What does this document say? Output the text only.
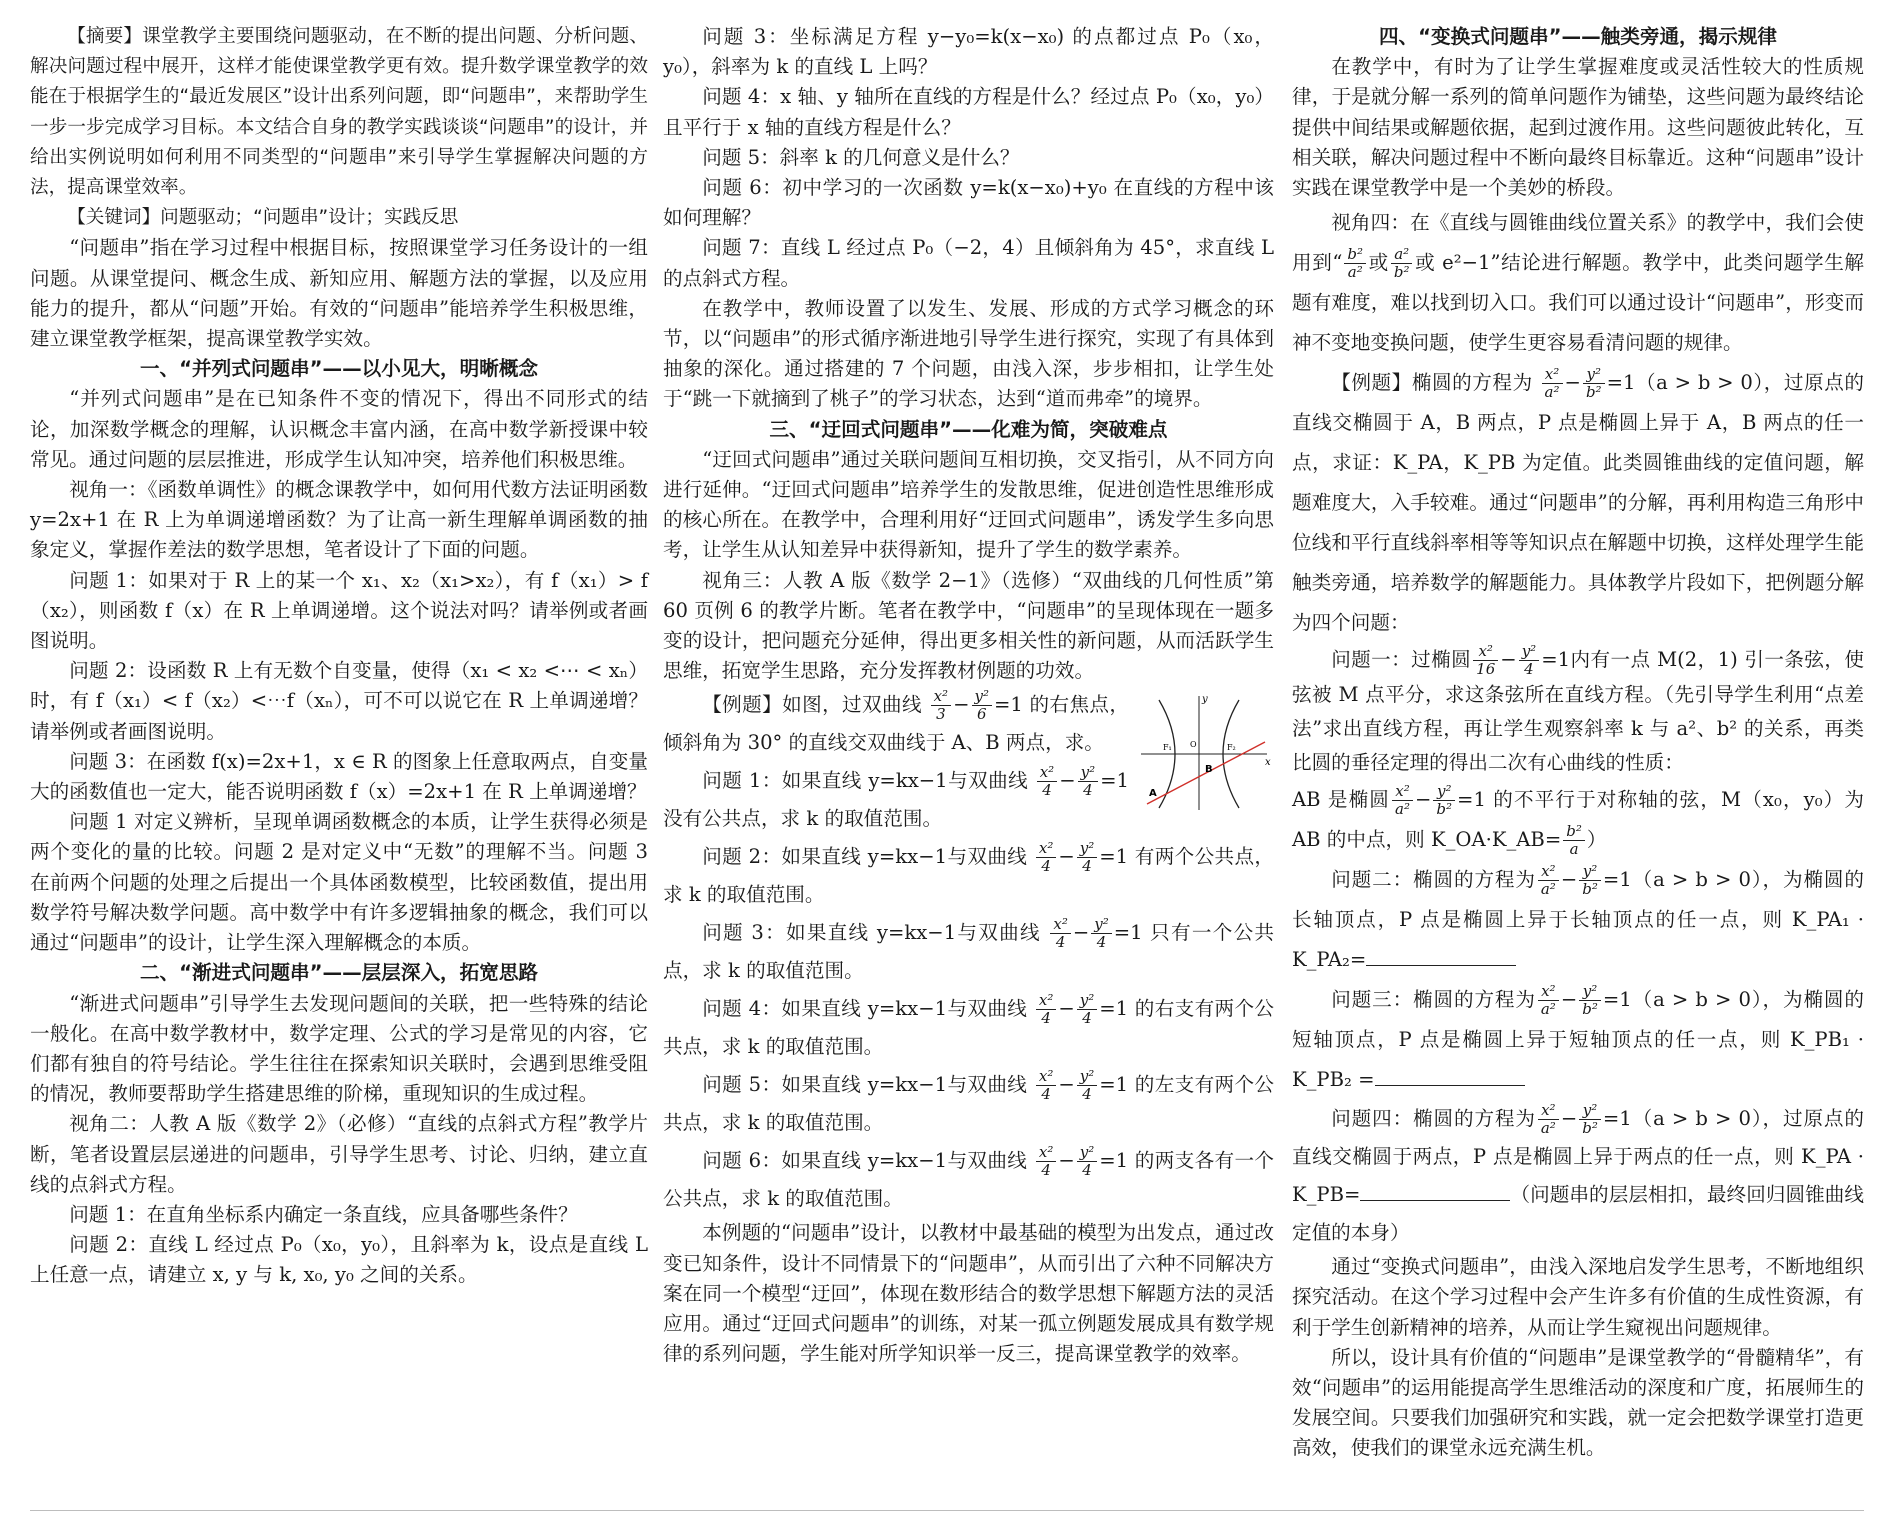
【摘要】课堂教学主要围绕问题驱动，在不断的提出问题、分析问题、解决问题过程中展开，这样才能使课堂教学更有效。提升数学课堂教学的效能在于根据学生的“最近发展区”设计出系列问题，即“问题串”，来帮助学生一步一步完成学习目标。本文结合自身的教学实践谈谈“问题串”的设计，并给出实例说明如何利用不同类型的“问题串”来引导学生掌握解决问题的方法，提高课堂效率。

【关键词】问题驱动；“问题串”设计；实践反思

“问题串”指在学习过程中根据目标，按照课堂学习任务设计的一组问题。从课堂提问、概念生成、新知应用、解题方法的掌握，以及应用能力的提升，都从“问题”开始。有效的“问题串”能培养学生积极思维，建立课堂教学框架，提高课堂教学实效。

一、“并列式问题串”——以小见大，明晰概念

“并列式问题串”是在已知条件不变的情况下，得出不同形式的结论，加深数学概念的理解，认识概念丰富内涵，在高中数学新授课中较常见。通过问题的层层推进，形成学生认知冲突，培养他们积极思维。

视角一：《函数单调性》的概念课教学中，如何用代数方法证明函数 y=2x+1 在 R 上为单调递增函数？为了让高一新生理解单调函数的抽象定义，掌握作差法的数学思想，笔者设计了下面的问题。

问题 1：如果对于 R 上的某一个 x₁、x₂（x₁>x₂），有 f（x₁）> f（x₂），则函数 f（x）在 R 上单调递增。这个说法对吗？请举例或者画图说明。

问题 2：设函数 R 上有无数个自变量，使得（x₁ < x₂ <⋯ < xₙ）时，有 f（x₁）< f（x₂）<⋯f（xₙ），可不可以说它在 R 上单调递增？请举例或者画图说明。

问题 3：在函数 f(x)=2x+1，x ∈ R 的图象上任意取两点，自变量大的函数值也一定大，能否说明函数 f（x）=2x+1 在 R 上单调递增？

问题 1 对定义辨析，呈现单调函数概念的本质，让学生获得必须是两个变化的量的比较。问题 2 是对定义中“无数”的理解不当。问题 3 在前两个问题的处理之后提出一个具体函数模型，比较函数值，提出用数学符号解决数学问题。高中数学中有许多逻辑抽象的概念，我们可以通过“问题串”的设计，让学生深入理解概念的本质。

二、“渐进式问题串”——层层深入，拓宽思路

“渐进式问题串”引导学生去发现问题间的关联，把一些特殊的结论一般化。在高中数学教材中，数学定理、公式的学习是常见的内容，它们都有独自的符号结论。学生往往在探索知识关联时，会遇到思维受阻的情况，教师要帮助学生搭建思维的阶梯，重现知识的生成过程。

视角二：人教 A 版《数学 2》（必修）“直线的点斜式方程”教学片断，笔者设置层层递进的问题串，引导学生思考、讨论、归纳，建立直线的点斜式方程。

问题 1：在直角坐标系内确定一条直线，应具备哪些条件？

问题 2：直线 L 经过点 P₀（x₀，y₀），且斜率为 k，设点是直线 L 上任意一点，请建立 x, y 与 k, x₀, y₀ 之间的关系。

问题 3：坐标满足方程 y−y₀=k(x−x₀) 的点都过点 P₀（x₀，y₀），斜率为 k 的直线 L 上吗？

问题 4：x 轴、y 轴所在直线的方程是什么？经过点 P₀（x₀，y₀）且平行于 x 轴的直线方程是什么？

问题 5：斜率 k 的几何意义是什么？

问题 6：初中学习的一次函数 y=k(x−x₀)+y₀ 在直线的方程中该如何理解？

问题 7：直线 L 经过点 P₀（−2，4）且倾斜角为 45°，求直线 L 的点斜式方程。

在教学中，教师设置了以发生、发展、形成的方式学习概念的环节，以“问题串”的形式循序渐进地引导学生进行探究，实现了有具体到抽象的深化。通过搭建的 7 个问题，由浅入深，步步相扣，让学生处于“跳一下就摘到了桃子”的学习状态，达到“道而弗牵”的境界。

三、“迂回式问题串”——化难为简，突破难点

“迂回式问题串”通过关联问题间互相切换，交叉指引，从不同方向进行延伸。“迂回式问题串”培养学生的发散思维，促进创造性思维形成的核心所在。在教学中，合理利用好“迂回式问题串”，诱发学生多向思考，让学生从认知差异中获得新知，提升了学生的数学素养。

视角三：人教 A 版《数学 2−1》（选修）“双曲线的几何性质”第 60 页例 6 的教学片断。笔者在教学中，“问题串”的呈现体现在一题多变的设计，把问题充分延伸，得出更多相关性的新问题，从而活跃学生思维，拓宽学生思路，充分发挥教材例题的功效。

y
x
O
F₁	F₂
A
B
【例题】如图，过双曲线 $\frac{\text{x²}}{3} - \frac{\text{y²}}{6} =1$ 的右焦点，倾斜角为 30° 的直线交双曲线于 A、B 两点，求。

问题 1：如果直线 y=kx−1与双曲线 $\frac{\text{x²}}{4} - \frac{\text{y²}}{4} =1$ 没有公共点，求 k 的取值范围。

问题 2：如果直线 y=kx−1与双曲线 $\frac{\text{x²}}{4} - \frac{\text{y²}}{4} =1$ 有两个公共点，求 k 的取值范围。

问题 3：如果直线 y=kx−1与双曲线 $\frac{\text{x²}}{4} - \frac{\text{y²}}{4} =1$ 只有一个公共点，求 k 的取值范围。

问题 4：如果直线 y=kx−1与双曲线 $\frac{\text{x²}}{4} - \frac{\text{y²}}{4} =1$ 的右支有两个公共点，求 k 的取值范围。

问题 5：如果直线 y=kx−1与双曲线 $\frac{\text{x²}}{4} - \frac{\text{y²}}{4} =1$ 的左支有两个公共点，求 k 的取值范围。

问题 6：如果直线 y=kx−1与双曲线 $\frac{\text{x²}}{4} - \frac{\text{y²}}{4} =1$ 的两支各有一个公共点，求 k 的取值范围。

本例题的“问题串”设计，以教材中最基础的模型为出发点，通过改变已知条件，设计不同情景下的“问题串”，从而引出了六种不同解决方案在同一个模型“迂回”，体现在数形结合的数学思想下解题方法的灵活应用。通过“迂回式问题串”的训练，对某一孤立例题发展成具有数学规律的系列问题，学生能对所学知识举一反三，提高课堂教学的效率。

四、“变换式问题串”——触类旁通，揭示规律

在教学中，有时为了让学生掌握难度或灵活性较大的性质规律，于是就分解一系列的简单问题作为铺垫，这些问题为最终结论提供中间结果或解题依据，起到过渡作用。这些问题彼此转化，互相关联，解决问题过程中不断向最终目标靠近。这种“问题串”设计实践在课堂教学中是一个美妙的桥段。

视角四：在《直线与圆锥曲线位置关系》的教学中，我们会使用到“ $\frac{\text{b²}}{\text{a²}}$ 或 $\frac{\text{a²}}{\text{b²}}$ 或 e²−1”结论进行解题。教学中，此类问题学生解题有难度，难以找到切入口。我们可以通过设计“问题串”，形变而神不变地变换问题，使学生更容易看清问题的规律。

【例题】椭圆的方程为 $\frac{\text{x²}}{\text{a²}} - \frac{\text{y²}}{\text{b²}} =1(a > b > 0)$，过原点的直线交椭圆于 A，B 两点，P 点是椭圆上异于 A，B 两点的任一点，求证：K_PA，K_PB 为定值。此类圆锥曲线的定值问题，解题难度大，入手较难。通过“问题串”的分解，再利用构造三角形中位线和平行直线斜率相等等知识点在解题中切换，这样处理学生能触类旁通，培养数学的解题能力。具体教学片段如下，把例题分解为四个问题：

问题一：过椭圆 $\frac{\text{x²}}{16} - \frac{\text{y²}}{4} =1$内有一点 M(2，1) 引一条弦，使弦被 M 点平分，求这条弦所在直线方程。（先引导学生利用“点差法”求出直线方程，再让学生观察斜率 k 与 a²、b² 的关系，再类比圆的垂径定理的得出二次有心曲线的性质：

AB 是椭圆 $\frac{\text{x²}}{\text{a²}} - \frac{\text{y²}}{\text{b²}} =1$ 的不平行于对称轴的弦，M（x₀，y₀）为 AB 的中点，则 K_OA·K_AB= $\frac{\text{b²}}{a}$ ）

问题二：椭圆的方程为 $\frac{\text{x²}}{\text{a²}} - \frac{\text{y²}}{\text{b²}} =1(a > b > 0)$，为椭圆的长轴顶点，P 点是椭圆上异于长轴顶点的任一点，则 K_PA₁ · K_PA₂=

问题三：椭圆的方程为 $\frac{\text{x²}}{\text{a²}} - \frac{\text{y²}}{\text{b²}} =1(a > b > 0)$，为椭圆的短轴顶点，P 点是椭圆上异于短轴顶点的任一点，则 K_PB₁ · K_PB₂ =

问题四：椭圆的方程为 $\frac{\text{x²}}{\text{a²}} - \frac{\text{y²}}{\text{b²}} =1(a > b > 0)$，过原点的直线交椭圆于两点，P 点是椭圆上异于两点的任一点，则 K_PA · K_PB=	（问题串的层层相扣，最终回归圆锥曲线定值的本身）

通过“变换式问题串”，由浅入深地启发学生思考，不断地组织探究活动。在这个学习过程中会产生许多有价值的生成性资源，有利于学生创新精神的培养，从而让学生窥视出问题规律。

所以，设计具有价值的“问题串”是课堂教学的“骨髓精华”，有效“问题串”的运用能提高学生思维活动的深度和广度，拓展师生的发展空间。只要我们加强研究和实践，就一定会把数学课堂打造更高效，使我们的课堂永远充满生机。
